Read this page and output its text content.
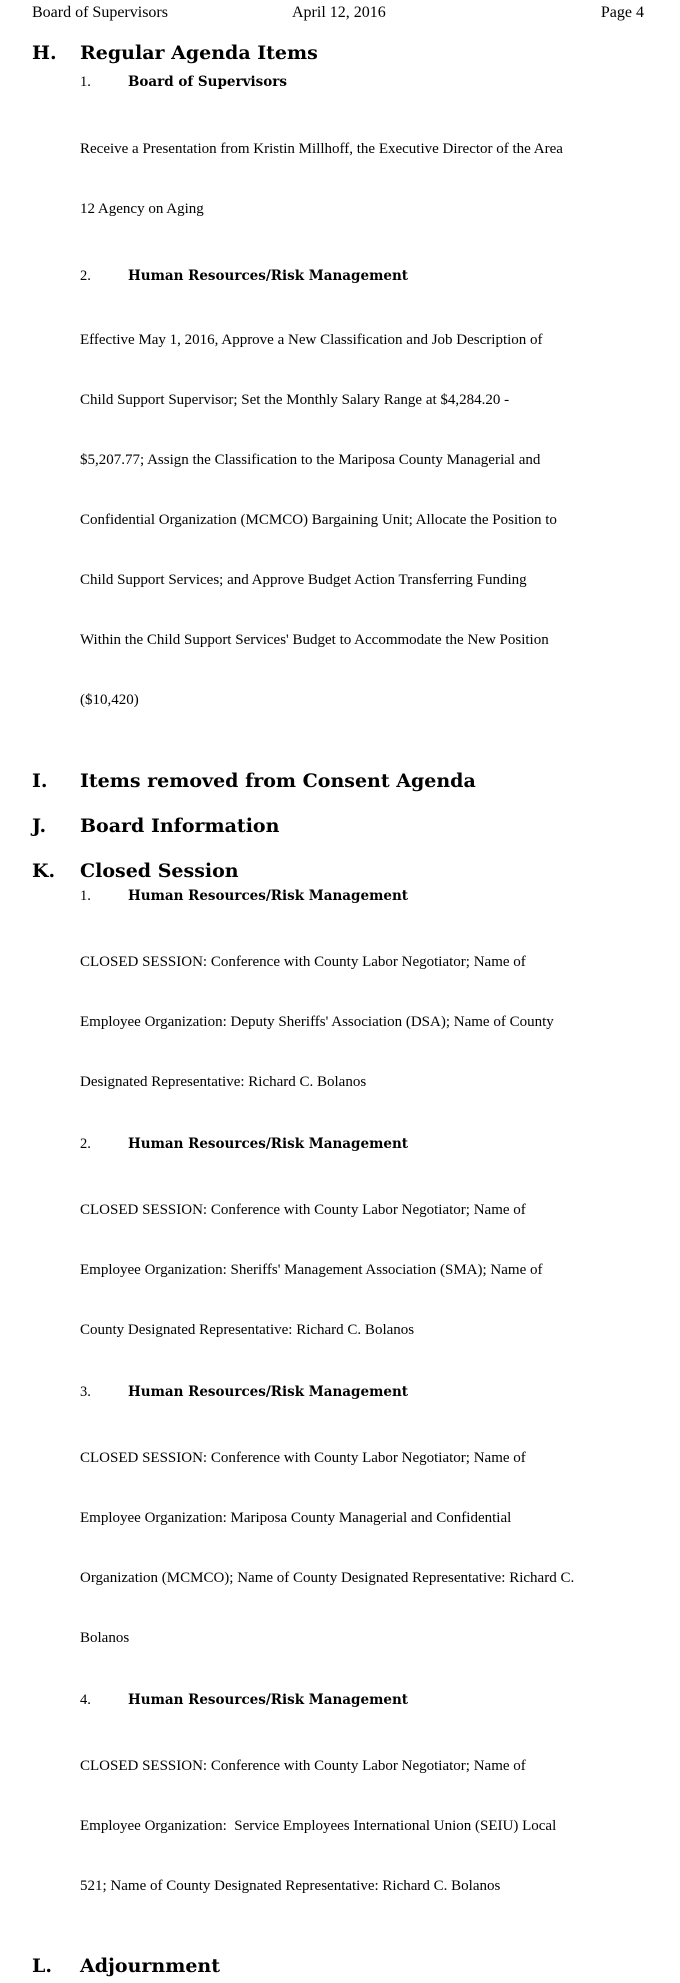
Board of Supervisors	April 12, 2016	Page 4
H.	Regular Agenda Items
1.	Board of Supervisors

Receive a Presentation from Kristin Millhoff, the Executive Director of the Area

12 Agency on Aging

2.	Human Resources/Risk Management

Effective May 1, 2016, Approve a New Classification and Job Description of

Child Support Supervisor; Set the Monthly Salary Range at $4,284.20 -

$5,207.77; Assign the Classification to the Mariposa County Managerial and

Confidential Organization (MCMCO) Bargaining Unit; Allocate the Position to

Child Support Services; and Approve Budget Action Transferring Funding

Within the Child Support Services' Budget to Accommodate the New Position

($10,420)

I.	Items removed from Consent Agenda
J.	Board Information
K.	Closed Session
1.	Human Resources/Risk Management

CLOSED SESSION: Conference with County Labor Negotiator; Name of

Employee Organization: Deputy Sheriffs' Association (DSA); Name of County

Designated Representative: Richard C. Bolanos

2.	Human Resources/Risk Management

CLOSED SESSION: Conference with County Labor Negotiator; Name of

Employee Organization: Sheriffs' Management Association (SMA); Name of

County Designated Representative: Richard C. Bolanos

3.	Human Resources/Risk Management

CLOSED SESSION: Conference with County Labor Negotiator; Name of

Employee Organization: Mariposa County Managerial and Confidential

Organization (MCMCO); Name of County Designated Representative: Richard C.

Bolanos

4.	Human Resources/Risk Management

CLOSED SESSION: Conference with County Labor Negotiator; Name of

Employee Organization:  Service Employees International Union (SEIU) Local

521; Name of County Designated Representative: Richard C. Bolanos

L.	Adjournment
